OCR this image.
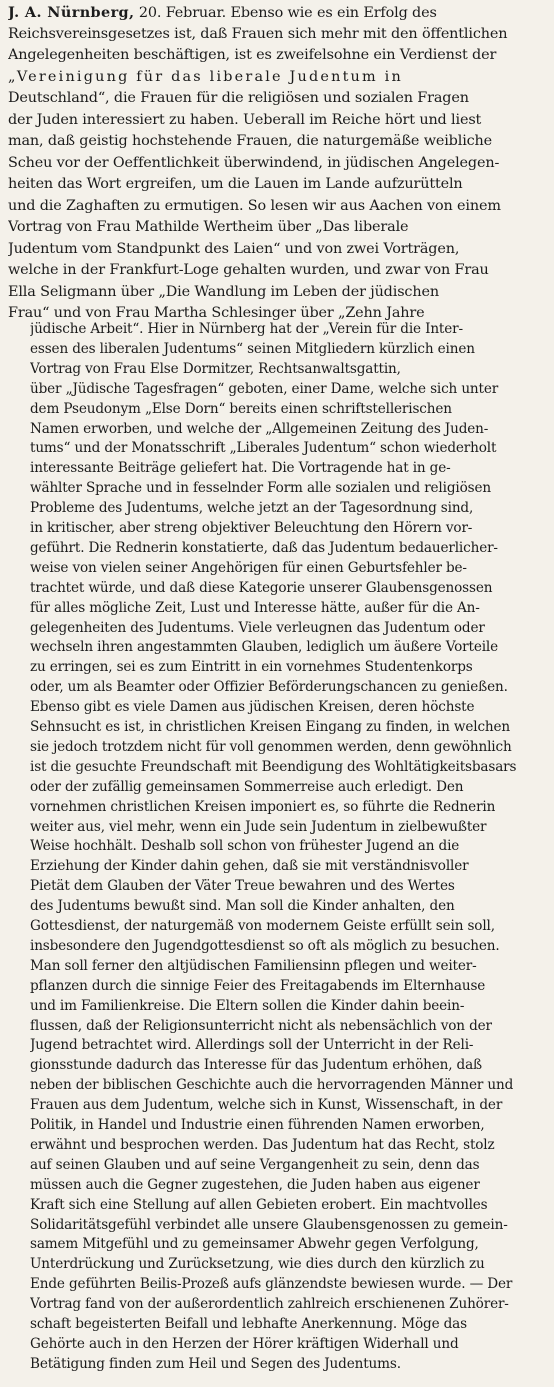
J. A. Nürnberg, 20. Februar. Ebenso wie es ein Erfolg des
Reichsvereinsgesetzes ist, daß Frauen sich mehr mit den öffentlichen
Angelegenheiten beschäftigen, ist es zweifelsohne ein Verdienst der
„Vereinigung für das liberale Judentum in
Deutschland“, die Frauen für die religiösen und sozialen Fragen
der Juden interessiert zu haben. Ueberall im Reiche hört und liest
man, daß geistig hochstehende Frauen, die naturgemäße weibliche
Scheu vor der Oeffentlichkeit überwindend, in jüdischen Angelegen-
heiten das Wort ergreifen, um die Lauen im Lande aufzurütteln
und die Zaghaften zu ermutigen. So lesen wir aus Aachen von einem
Vortrag von Frau Mathilde Wertheim über „Das liberale
Judentum vom Standpunkt des Laien“ und von zwei Vorträgen,
welche in der Frankfurt-Loge gehalten wurden, und zwar von Frau
Ella Seligmann über „Die Wandlung im Leben der jüdischen
Frau“ und von Frau Martha Schlesinger über „Zehn Jahre
jüdische Arbeit“. Hier in Nürnberg hat der „Verein für die Inter-
essen des liberalen Judentums“ seinen Mitgliedern kürzlich einen
Vortrag von Frau Else Dormitzer, Rechtsanwaltsgattin,
über „Jüdische Tagesfragen“ geboten, einer Dame, welche sich unter
dem Pseudonym „Else Dorn“ bereits einen schriftstellerischen
Namen erworben, und welche der „Allgemeinen Zeitung des Juden-
tums“ und der Monatsschrift „Liberales Judentum“ schon wiederholt
interessante Beiträge geliefert hat. Die Vortragende hat in ge-
wählter Sprache und in fesselnder Form alle sozialen und religiösen
Probleme des Judentums, welche jetzt an der Tagesordnung sind,
in kritischer, aber streng objektiver Beleuchtung den Hörern vor-
geführt. Die Rednerin konstatierte, daß das Judentum bedauerlicher-
weise von vielen seiner Angehörigen für einen Geburtsfehler be-
trachtet würde, und daß diese Kategorie unserer Glaubensgenossen
für alles mögliche Zeit, Lust und Interesse hätte, außer für die An-
gelegenheiten des Judentums. Viele verleugnen das Judentum oder
wechseln ihren angestammten Glauben, lediglich um äußere Vorteile
zu erringen, sei es zum Eintritt in ein vornehmes Studentenkorps
oder, um als Beamter oder Offizier Beförderungschancen zu genießen.
Ebenso gibt es viele Damen aus jüdischen Kreisen, deren höchste
Sehnsucht es ist, in christlichen Kreisen Eingang zu finden, in welchen
sie jedoch trotzdem nicht für voll genommen werden, denn gewöhnlich
ist die gesuchte Freundschaft mit Beendigung des Wohltätigkeitsbasars
oder der zufällig gemeinsamen Sommerreise auch erledigt. Den
vornehmen christlichen Kreisen imponiert es, so führte die Rednerin
weiter aus, viel mehr, wenn ein Jude sein Judentum in zielbewußter
Weise hochhält. Deshalb soll schon von frühester Jugend an die
Erziehung der Kinder dahin gehen, daß sie mit verständnisvoller
Pietät dem Glauben der Väter Treue bewahren und des Wertes
des Judentums bewußt sind. Man soll die Kinder anhalten, den
Gottesdienst, der naturgemäß von modernem Geiste erfüllt sein soll,
insbesondere den Jugendgottesdienst so oft als möglich zu besuchen.
Man soll ferner den altjüdischen Familiensinn pflegen und weiter-
pflanzen durch die sinnige Feier des Freitagabends im Elternhause
und im Familienkreise. Die Eltern sollen die Kinder dahin beein-
flussen, daß der Religionsunterricht nicht als nebensächlich von der
Jugend betrachtet wird. Allerdings soll der Unterricht in der Reli-
gionsstunde dadurch das Interesse für das Judentum erhöhen, daß
neben der biblischen Geschichte auch die hervorragenden Männer und
Frauen aus dem Judentum, welche sich in Kunst, Wissenschaft, in der
Politik, in Handel und Industrie einen führenden Namen erworben,
erwähnt und besprochen werden. Das Judentum hat das Recht, stolz
auf seinen Glauben und auf seine Vergangenheit zu sein, denn das
müssen auch die Gegner zugestehen, die Juden haben aus eigener
Kraft sich eine Stellung auf allen Gebieten erobert. Ein machtvolles
Solidaritätsgefühl verbindet alle unsere Glaubensgenossen zu gemein-
samem Mitgefühl und zu gemeinsamer Abwehr gegen Verfolgung,
Unterdrückung und Zurücksetzung, wie dies durch den kürzlich zu
Ende geführten Beilis-Prozeß aufs glänzendste bewiesen wurde. — Der
Vortrag fand von der außerordentlich zahlreich erschienenen Zuhörer-
schaft begeisterten Beifall und lebhafte Anerkennung. Möge das
Gehörte auch in den Herzen der Hörer kräftigen Widerhall und
Betätigung finden zum Heil und Segen des Judentums.
